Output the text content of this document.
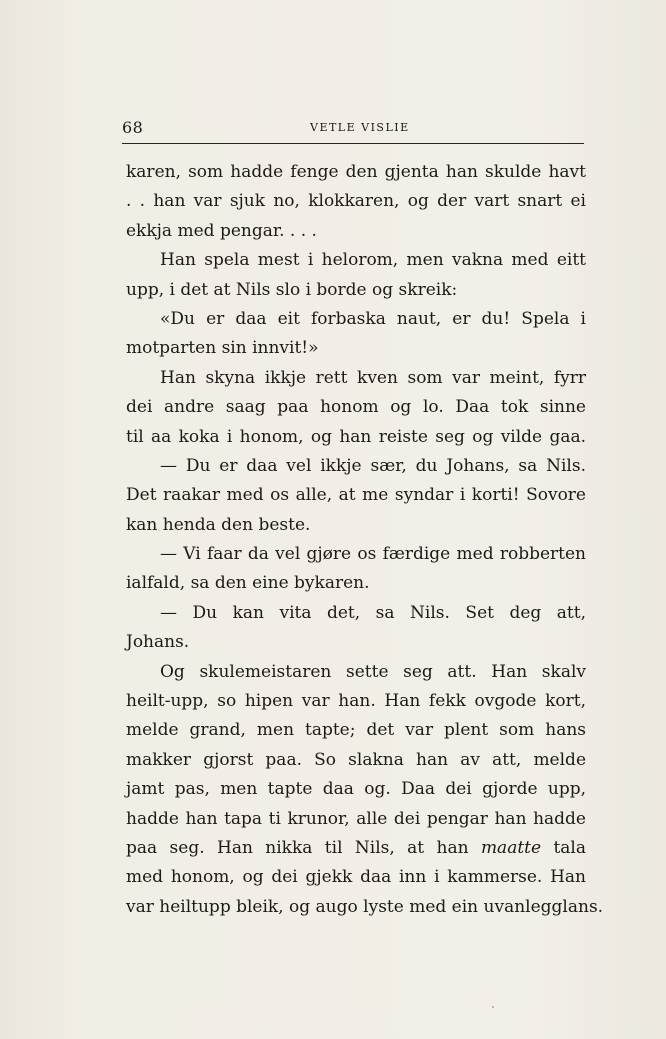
68	VETLE VISLIE
karen, som hadde fenge den gjenta han skulde havt
. . han var sjuk no, klokkaren, og der vart snart ei
ekkja med pengar. . . .
Han spela mest i helorom, men vakna med eitt
upp, i det at Nils slo i borde og skreik:
«Du er daa eit forbaska naut, er du! Spela i
motparten sin innvit!»
Han skyna ikkje rett kven som var meint, fyrr
dei andre saag paa honom og lo. Daa tok sinne
til aa koka i honom, og han reiste seg og vilde gaa.
— Du er daa vel ikkje sær, du Johans, sa Nils.
Det raakar med os alle, at me syndar i korti! Sovore
kan henda den beste.
— Vi faar da vel gjøre os færdige med robberten
ialfald, sa den eine bykaren.
— Du kan vita det, sa Nils. Set deg att,
Johans.
Og skulemeistaren sette seg att. Han skalv
heilt-upp, so hipen var han. Han fekk ovgode kort,
melde grand, men tapte; det var plent som hans
makker gjorst paa. So slakna han av att, melde
jamt pas, men tapte daa og. Daa dei gjorde upp,
hadde han tapa ti krunor, alle dei pengar han hadde
paa seg. Han nikka til Nils, at han maatte tala
med honom, og dei gjekk daa inn i kammerse. Han
var heiltupp bleik, og augo lyste med ein uvanlegglans.
